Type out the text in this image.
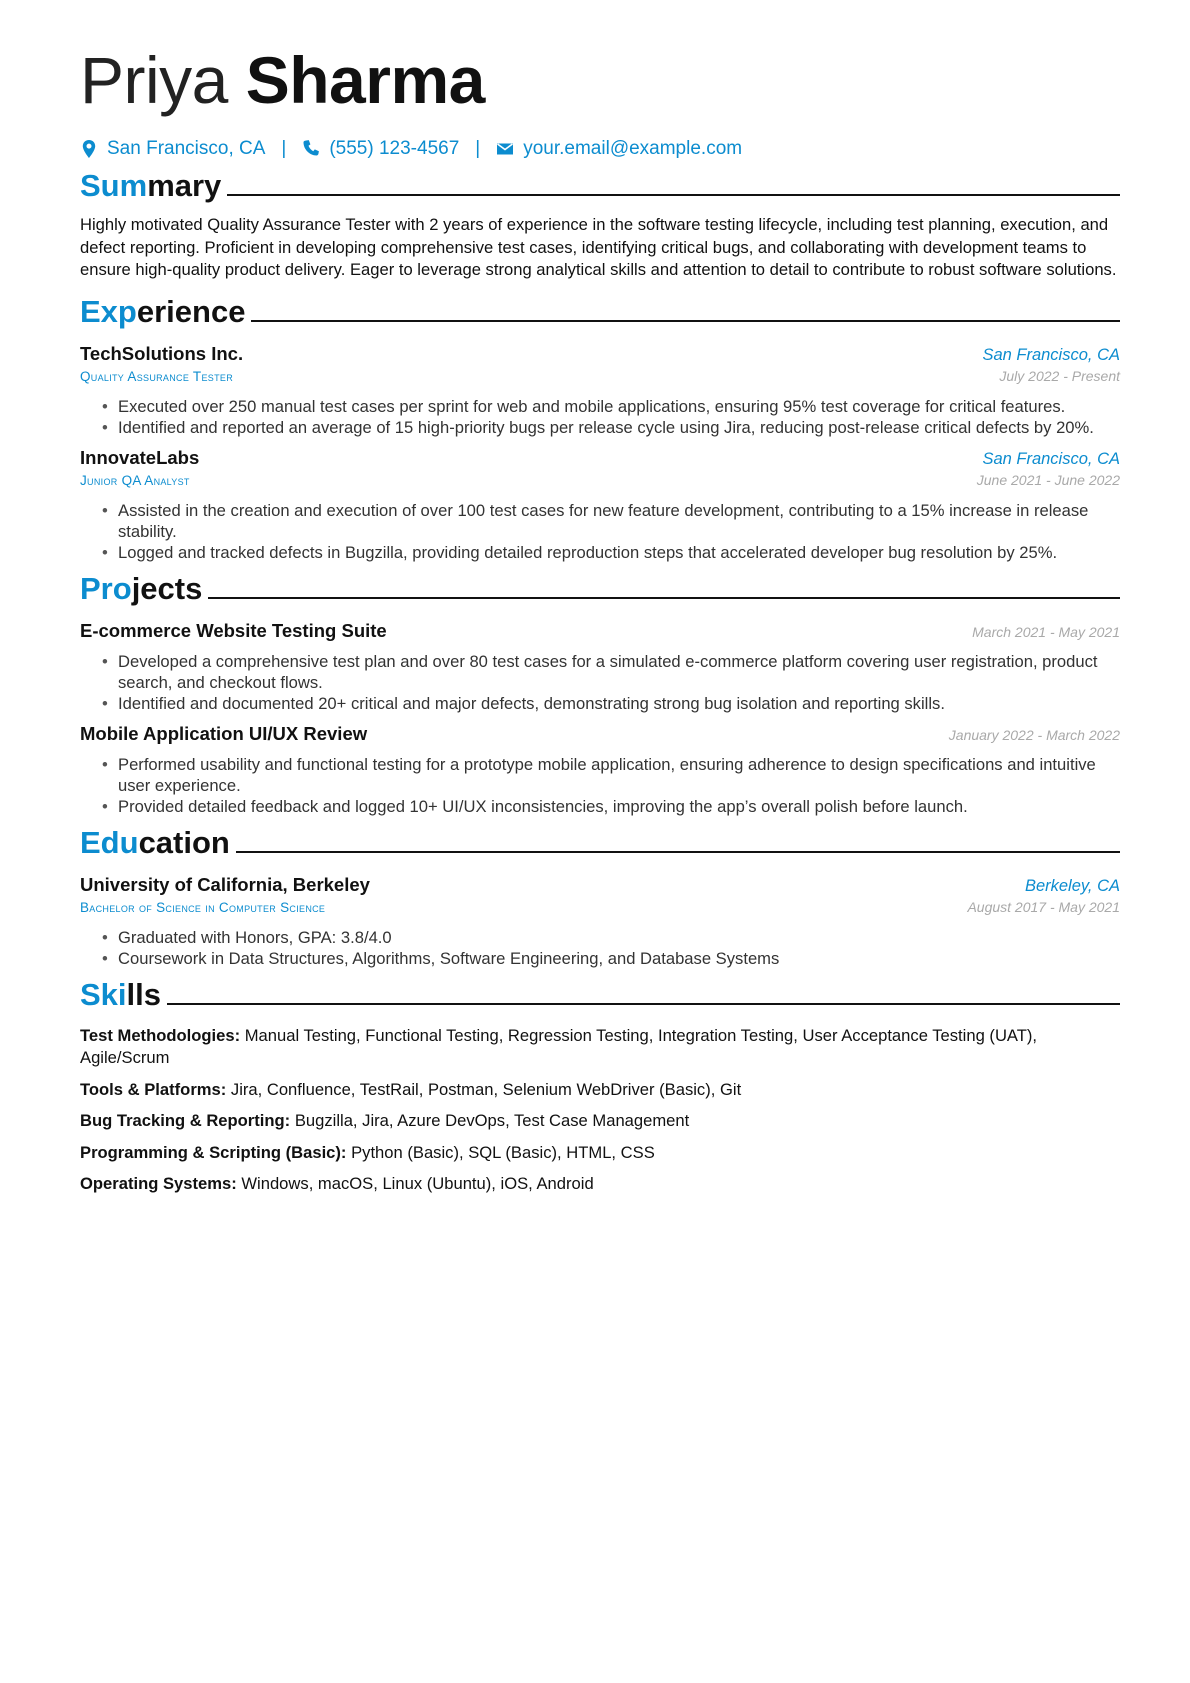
Priya Sharma
San Francisco, CA | (555) 123-4567 | your.email@example.com
Sum mary
Highly motivated Quality Assurance Tester with 2 years of experience in the software testing lifecycle, including test planning, execution, and defect reporting. Proficient in developing comprehensive test cases, identifying critical bugs, and collaborating with development teams to ensure high-quality product delivery. Eager to leverage strong analytical skills and attention to detail to contribute to robust software solutions.
Exp erience
TechSolutions Inc.	San Francisco, CA
Quality Assurance Tester	July 2022 - Present
• Executed over 250 manual test cases per sprint for web and mobile applications, ensuring 95% test coverage for critical features.
• Identified and reported an average of 15 high-priority bugs per release cycle using Jira, reducing post-release critical defects by 20%.
InnovateLabs	San Francisco, CA
Junior QA Analyst	June 2021 - June 2022
• Assisted in the creation and execution of over 100 test cases for new feature development, contributing to a 15% increase in release stability.
• Logged and tracked defects in Bugzilla, providing detailed reproduction steps that accelerated developer bug resolution by 25%.
Pro jects
E-commerce Website Testing Suite	March 2021 - May 2021
• Developed a comprehensive test plan and over 80 test cases for a simulated e-commerce platform covering user registration, product search, and checkout flows.
• Identified and documented 20+ critical and major defects, demonstrating strong bug isolation and reporting skills.
Mobile Application UI/UX Review	January 2022 - March 2022
• Performed usability and functional testing for a prototype mobile application, ensuring adherence to design specifications and intuitive user experience.
• Provided detailed feedback and logged 10+ UI/UX inconsistencies, improving the app’s overall polish before launch.
Edu cation
University of California, Berkeley	Berkeley, CA
Bachelor of Science in Computer Science	August 2017 - May 2021
• Graduated with Honors, GPA: 3.8/4.0
• Coursework in Data Structures, Algorithms, Software Engineering, and Database Systems
Ski lls
Test Methodologies: Manual Testing, Functional Testing, Regression Testing, Integration Testing, User Acceptance Testing (UAT), Agile/Scrum
Tools & Platforms: Jira, Confluence, TestRail, Postman, Selenium WebDriver (Basic), Git
Bug Tracking & Reporting: Bugzilla, Jira, Azure DevOps, Test Case Management
Programming & Scripting (Basic): Python (Basic), SQL (Basic), HTML, CSS
Operating Systems: Windows, macOS, Linux (Ubuntu), iOS, Android
